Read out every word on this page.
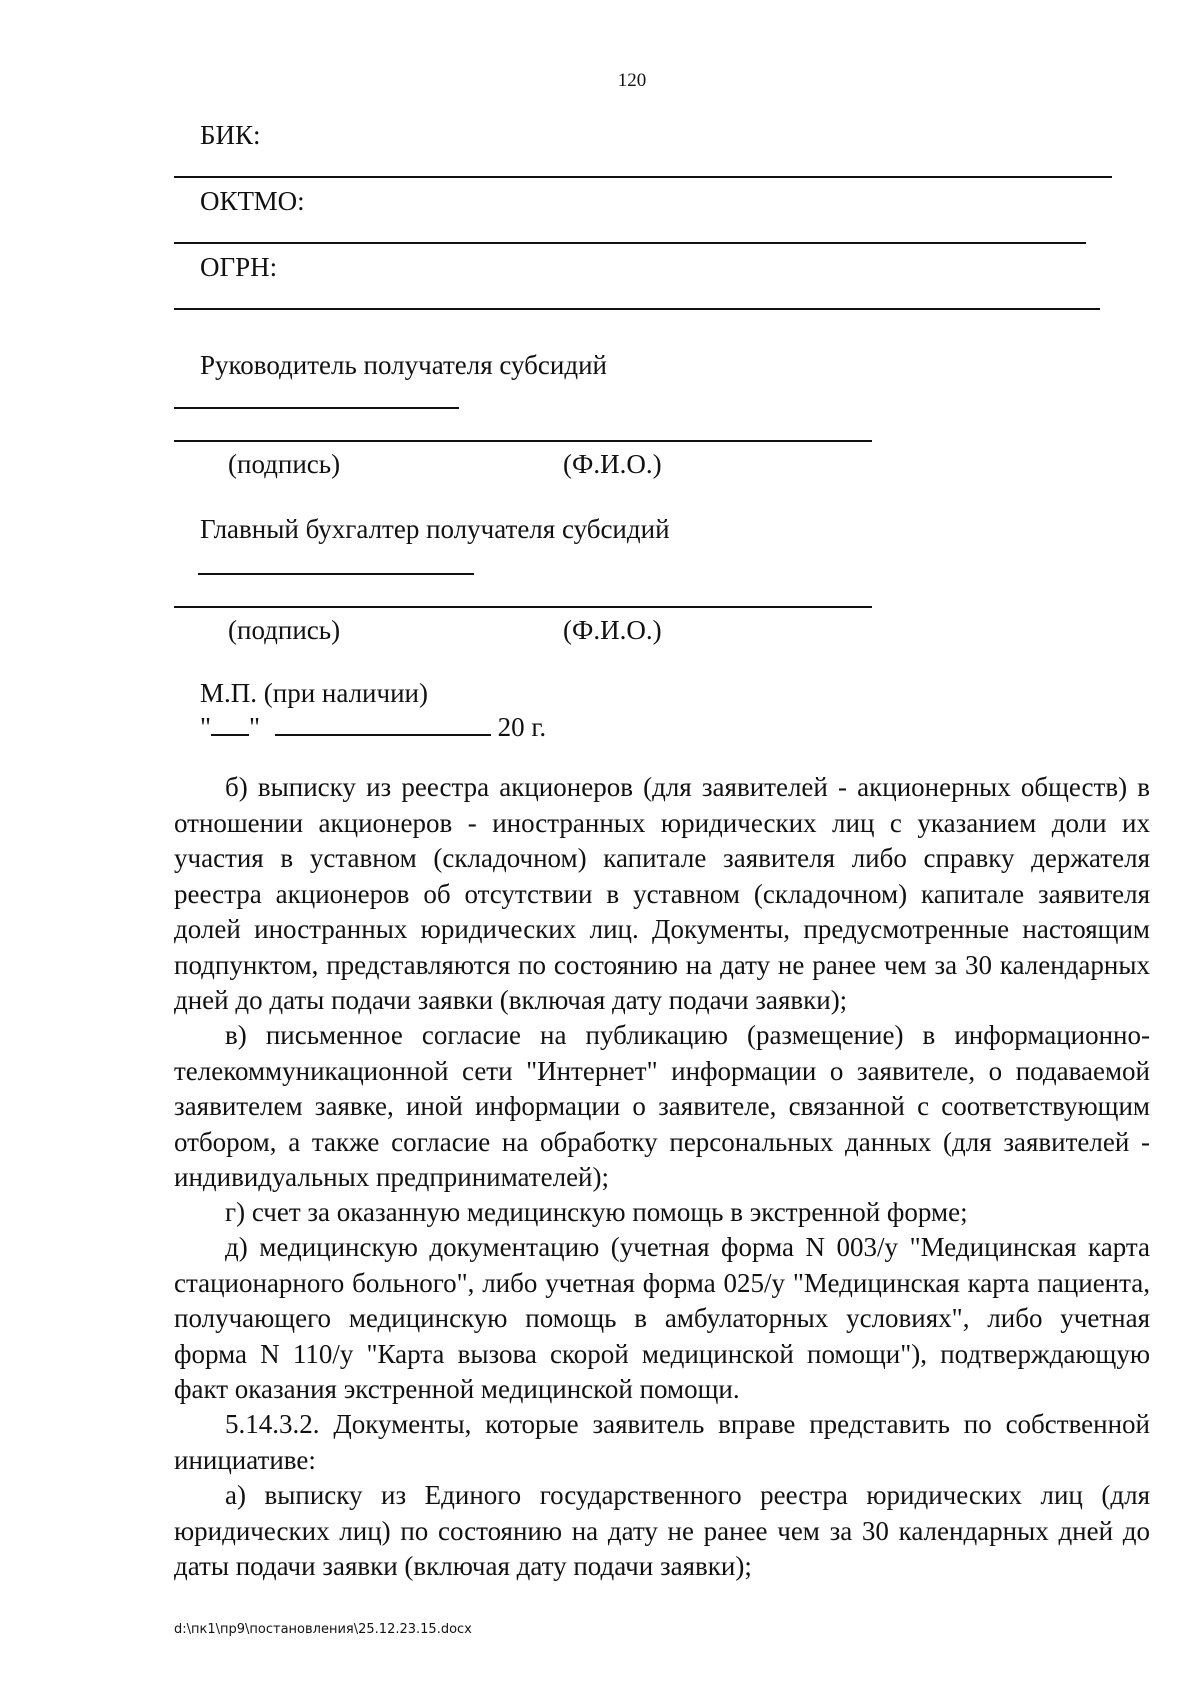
120
БИК:
ОКТМО:
ОГРН:
Руководитель получателя субсидий
(подпись)	(Ф.И.О.)
Главный бухгалтер получателя субсидий
(подпись)	(Ф.И.О.)
М.П. (при наличии)
" "	20 г.
б) выписку из реестра акционеров (для заявителей - акционерных обществ) в отношении акционеров - иностранных юридических лиц с указанием доли их участия в уставном (складочном) капитале заявителя либо справку держателя реестра акционеров об отсутствии в уставном (складочном) капитале заявителя долей иностранных юридических лиц. Документы, предусмотренные настоящим подпунктом, представляются по состоянию на дату не ранее чем за 30 календарных дней до даты подачи заявки (включая дату подачи заявки);
в) письменное согласие на публикацию (размещение) в информационно-телекоммуникационной сети "Интернет" информации о заявителе, о подаваемой заявителем заявке, иной информации о заявителе, связанной с соответствующим отбором, а также согласие на обработку персональных данных (для заявителей - индивидуальных предпринимателей);
г) счет за оказанную медицинскую помощь в экстренной форме;
д) медицинскую документацию (учетная форма N 003/у "Медицинская карта стационарного больного", либо учетная форма 025/у "Медицинская карта пациента, получающего медицинскую помощь в амбулаторных условиях", либо учетная форма N 110/у "Карта вызова скорой медицинской помощи"), подтверждающую факт оказания экстренной медицинской помощи.
5.14.3.2. Документы, которые заявитель вправе представить по собственной инициативе:
а) выписку из Единого государственного реестра юридических лиц (для юридических лиц) по состоянию на дату не ранее чем за 30 календарных дней до даты подачи заявки (включая дату подачи заявки);
d:\пк1\пр9\постановления\25.12.23.15.docx
